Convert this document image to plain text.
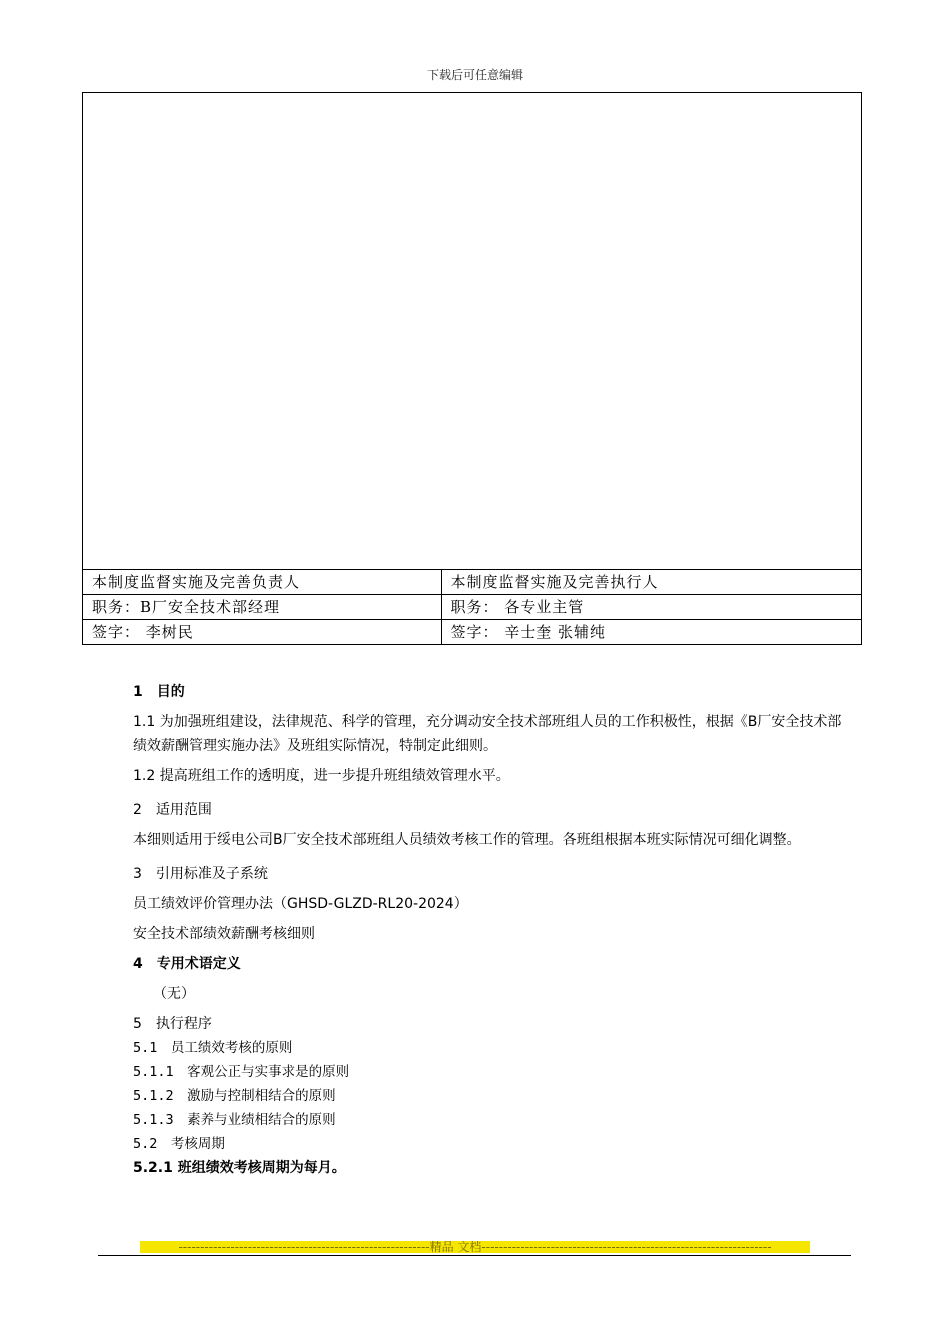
下载后可任意编辑
本制度监督实施及完善负责人	本制度监督实施及完善执行人
职务：B厂安全技术部经理	职务： 各专业主管
签字： 李树民	签字： 辛士奎 张辅纯

1　目的

1.1 为加强班组建设，法律规范、科学的管理，充分调动安全技术部班组人员的工作积极性，根据《B厂安全技术部绩效薪酬管理实施办法》及班组实际情况，特制定此细则。

1.2 提高班组工作的透明度，进一步提升班组绩效管理水平。

2　适用范围

本细则适用于绥电公司B厂安全技术部班组人员绩效考核工作的管理。各班组根据本班实际情况可细化调整。

3　引用标准及子系统

员工绩效评价管理办法（GHSD-GLZD-RL20-2024）

安全技术部绩效薪酬考核细则

4　专用术语定义

（无）

5　执行程序

5.1　员工绩效考核的原则

5.1.1　客观公正与实事求是的原则

5.1.2　激励与控制相结合的原则

5.1.3　素养与业绩相结合的原则

5.2　考核周期

5.2.1 班组绩效考核周期为每月。

----------------------------------------------------------精品 文档-------------------------------------------------------------------
